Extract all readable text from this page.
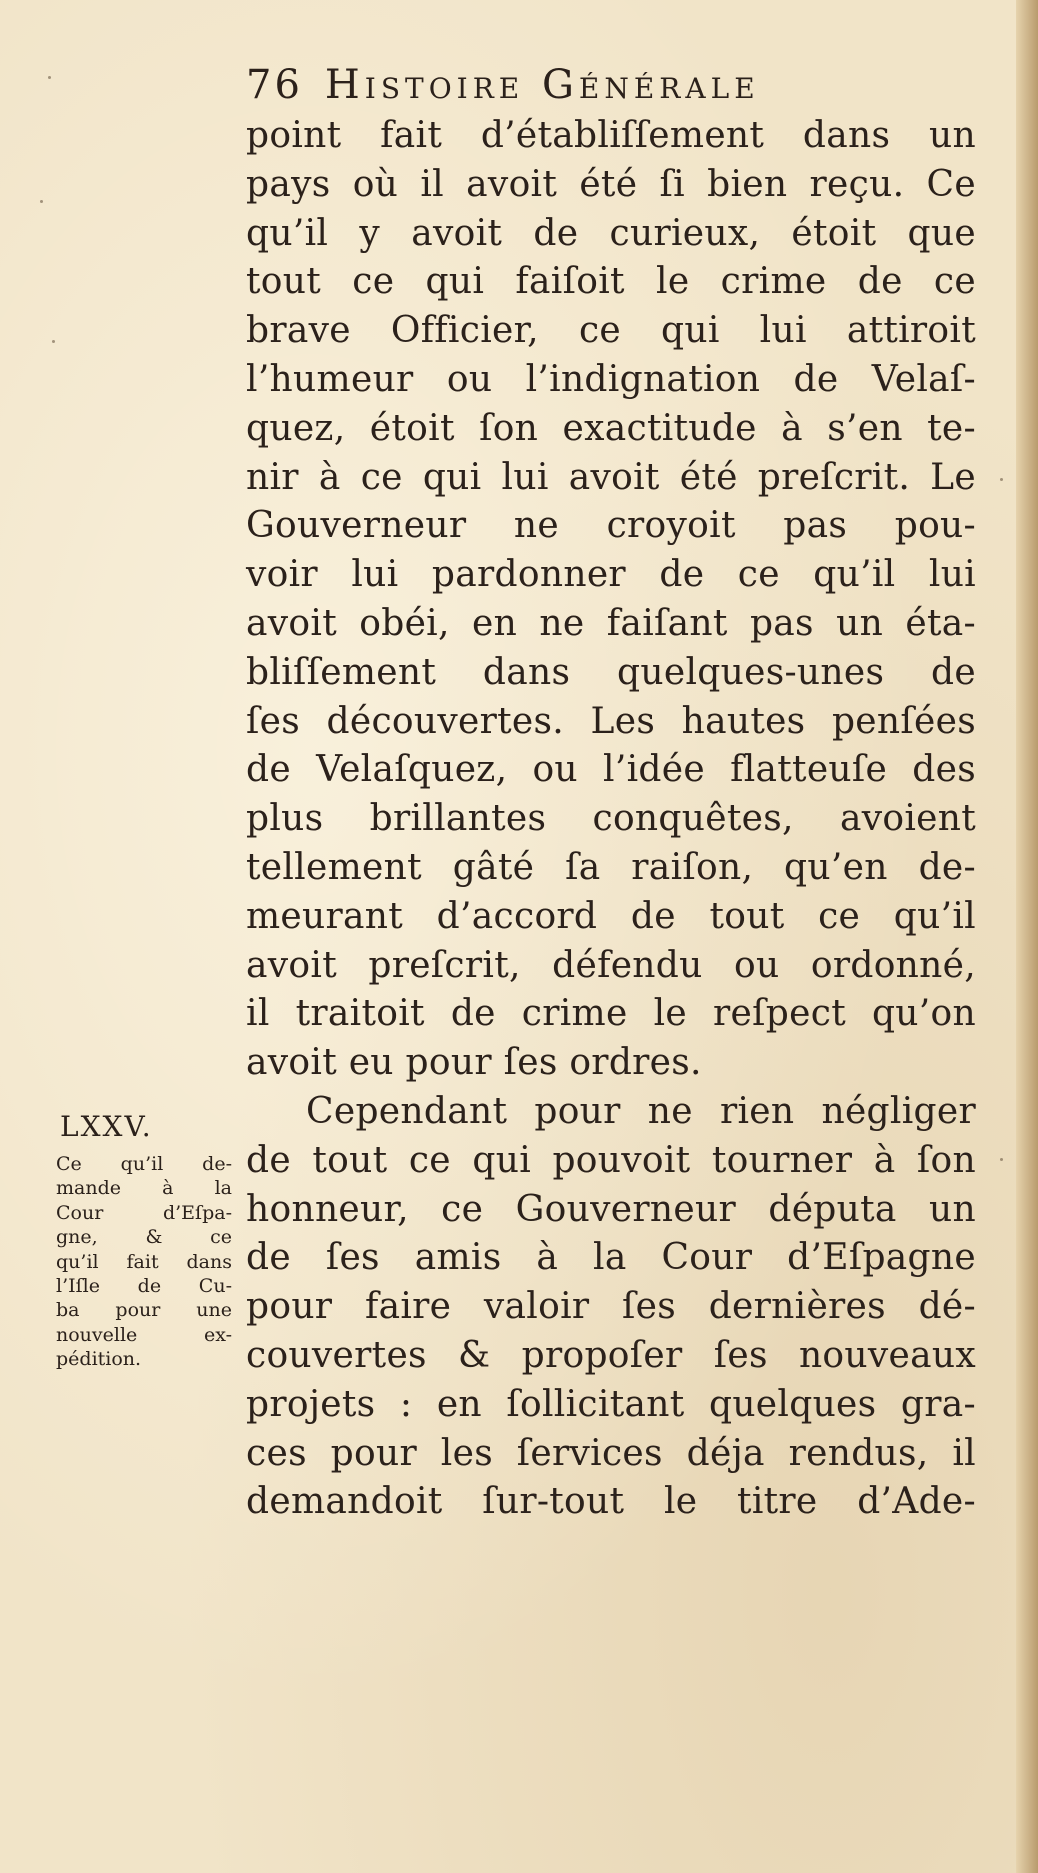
76 Histoire Générale
point fait d’établiſſement dans un
pays où il avoit été ſi bien reçu. Ce
qu’il y avoit de curieux, étoit que
tout ce qui faiſoit le crime de ce
brave Officier, ce qui lui attiroit
l’humeur ou l’indignation de Velaſ-
quez, étoit ſon exactitude à s’en te-
nir à ce qui lui avoit été preſcrit. Le
Gouverneur ne croyoit pas pou-
voir lui pardonner de ce qu’il lui
avoit obéi, en ne faiſant pas un éta-
bliſſement dans quelques-unes de
ſes découvertes. Les hautes penſées
de Velaſquez, ou l’idée flatteuſe des
plus brillantes conquêtes, avoient
tellement gâté ſa raiſon, qu’en de-
meurant d’accord de tout ce qu’il
avoit preſcrit, défendu ou ordonné,
il traitoit de crime le reſpect qu’on
avoit eu pour ſes ordres.
Cependant pour ne rien négliger
de tout ce qui pouvoit tourner à ſon
honneur, ce Gouverneur députa un
de ſes amis à la Cour d’Eſpagne
pour faire valoir ſes dernières dé-
couvertes & propoſer ſes nouveaux
projets : en ſollicitant quelques gra-
ces pour les ſervices déja rendus, il
demandoit ſur-tout le titre d’Ade-
LXXV.
Ce qu’il de-
mande à la
Cour d’Eſpa-
gne, & ce
qu’il fait dans
l’Iſle de Cu-
ba pour une
nouvelle ex-
pédition.
